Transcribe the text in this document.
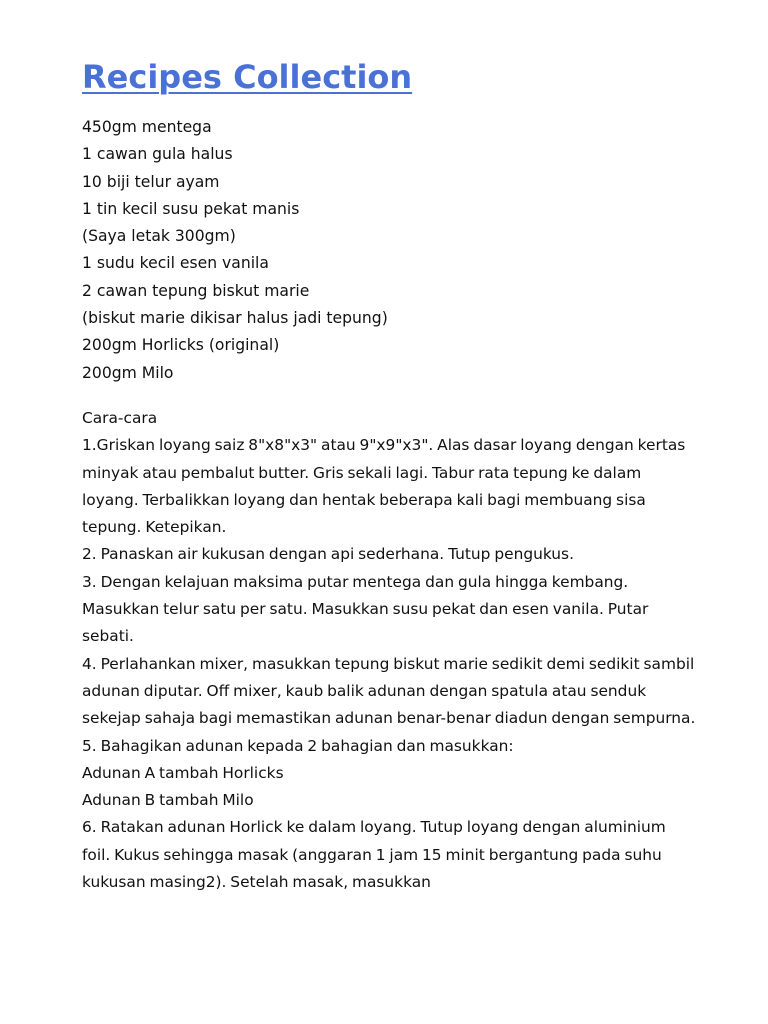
Recipes Collection
450gm mentega
1 cawan gula halus
10 biji telur ayam
1 tin kecil susu pekat manis
(Saya letak 300gm)
1 sudu kecil esen vanila
2 cawan tepung biskut marie
(biskut marie dikisar halus jadi tepung)
200gm Horlicks (original)
200gm Milo

Cara-cara

1.Griskan loyang saiz 8"x8"x3" atau 9"x9"x3". Alas dasar loyang dengan kertas minyak atau pembalut butter. Gris sekali lagi. Tabur rata tepung ke dalam loyang. Terbalikkan loyang dan hentak beberapa kali bagi membuang sisa tepung. Ketepikan.

2. Panaskan air kukusan dengan api sederhana. Tutup pengukus.

3. Dengan kelajuan maksima putar mentega dan gula hingga kembang. Masukkan telur satu per satu. Masukkan susu pekat dan esen vanila. Putar sebati.

4. Perlahankan mixer, masukkan tepung biskut marie sedikit demi sedikit sambil adunan diputar. Off mixer, kaub balik adunan dengan spatula atau senduk sekejap sahaja bagi memastikan adunan benar-benar diadun dengan sempurna.

5. Bahagikan adunan kepada 2 bahagian dan masukkan:

Adunan A tambah Horlicks

Adunan B tambah Milo

6. Ratakan adunan Horlick ke dalam loyang. Tutup loyang dengan aluminium foil. Kukus sehingga masak (anggaran 1 jam 15 minit bergantung pada suhu kukusan masing2). Setelah masak, masukkan
